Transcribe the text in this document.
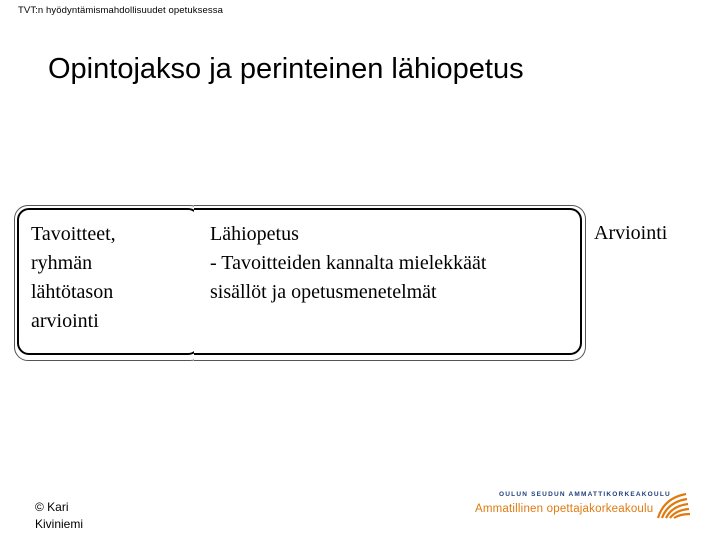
TVT:n hyödyntämismahdollisuudet opetuksessa
Opintojakso ja perinteinen lähiopetus
Tavoitteet,
ryhmän
lähtötason
arviointi
Lähiopetus
- Tavoitteiden kannalta mielekkäät
sisällöt ja opetusmenetelmät
Arviointi
© Kari
Kiviniemi
OULUN SEUDUN AMMATTIKORKEAKOULU
Ammatillinen opettajakorkeakoulu
